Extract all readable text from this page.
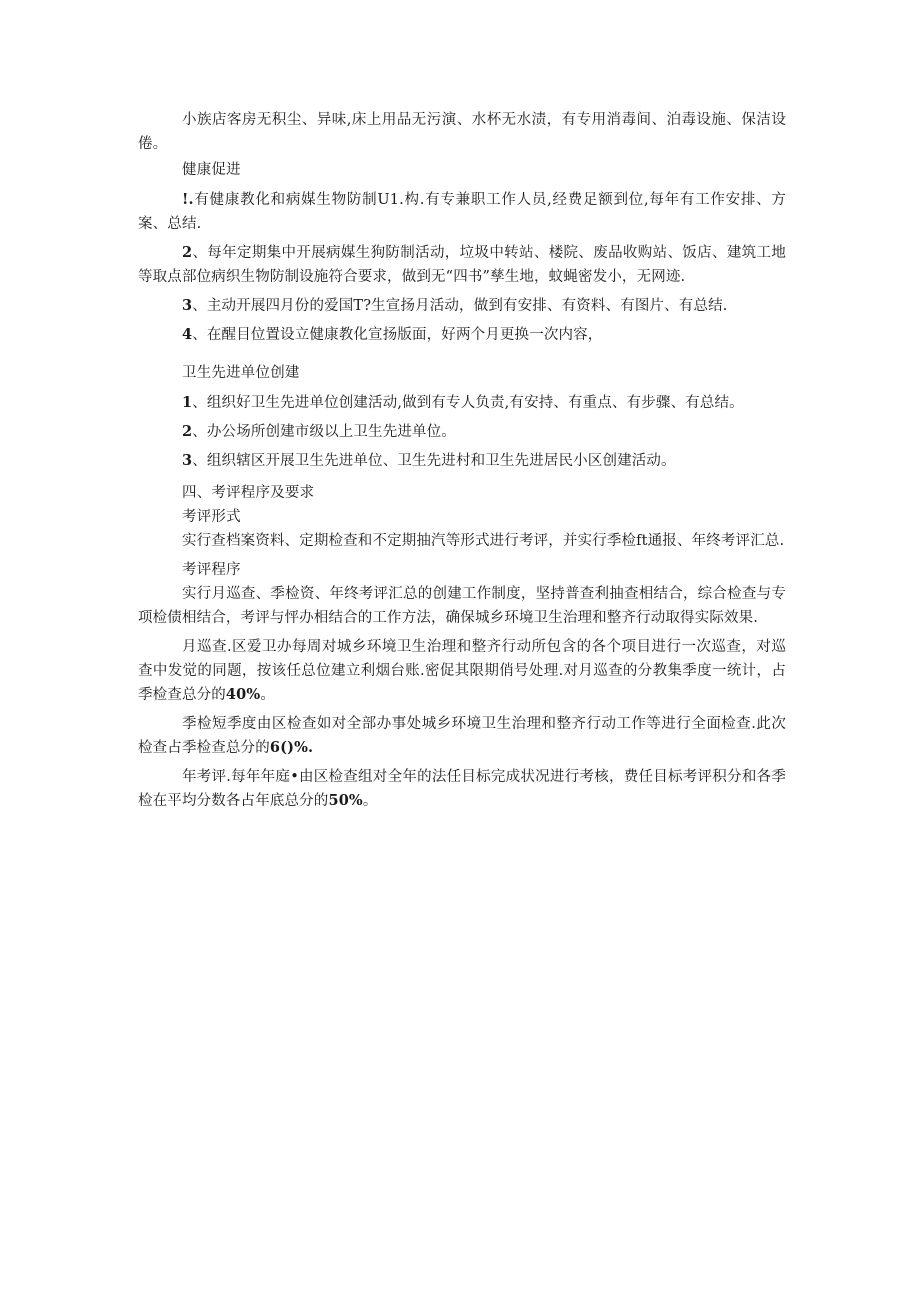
小族店客房无积尘、异味,床上用品无污演、水杯无水渍，有专用消毒间、泊毒设施、保洁设倦。

健康促进

!.有健康教化和病媒生物防制U1.构.有专兼职工作人员,经费足额到位,每年有工作安排、方案、总结.

2、每年定期集中开展病媒生狗防制活动，垃圾中转站、楼院、废品收购站、饭店、建筑工地等取点部位病织生物防制设施符合要求，做到无“四书”孳生地，蚊蝇密发小，无网迹.

3、主动开展四月份的爱国T?生宣扬月活动，做到有安排、有资料、有图片、有总结.

4、在醒目位置设立健康教化宣扬版面，好两个月更换一次内容，

卫生先进单位创建

1、组织好卫生先进单位创建活动,做到有专人负责,有安持、有重点、有步骤、有总结。

2、办公场所创建市级以上卫生先进单位。

3、组织辖区开展卫生先进单位、卫生先进村和卫生先进居民小区创建活动。

四、考评程序及要求

考评形式

实行查档案资料、定期检查和不定期抽汽等形式进行考评，并实行季检ft通报、年终考评汇总.

考评程序

实行月巡查、季检资、年终考评汇总的创建工作制度，坚持普查利抽查相结合，综合检查与专项检债相结合，考评与怦办相结合的工作方法，确保城乡环境卫生治理和整齐行动取得实际效果.

月巡查.区爱卫办每周对城乡环境卫生治理和整齐行动所包含的各个项目进行一次巡查，对巡查中发觉的同题，按该任总位建立利烟台账.密促其限期俏号处理.对月巡查的分教集季度一统计，占季检查总分的40%。

季检短季度由区检查如对全部办事处城乡环境卫生治理和整齐行动工作等进行全面检查.此次检查占季检查总分的6()%.

年考评.每年年庭•由区检查组对全年的法任目标完成状况进行考核，费任目标考评积分和各季检在平均分数各占年底总分的50%。
